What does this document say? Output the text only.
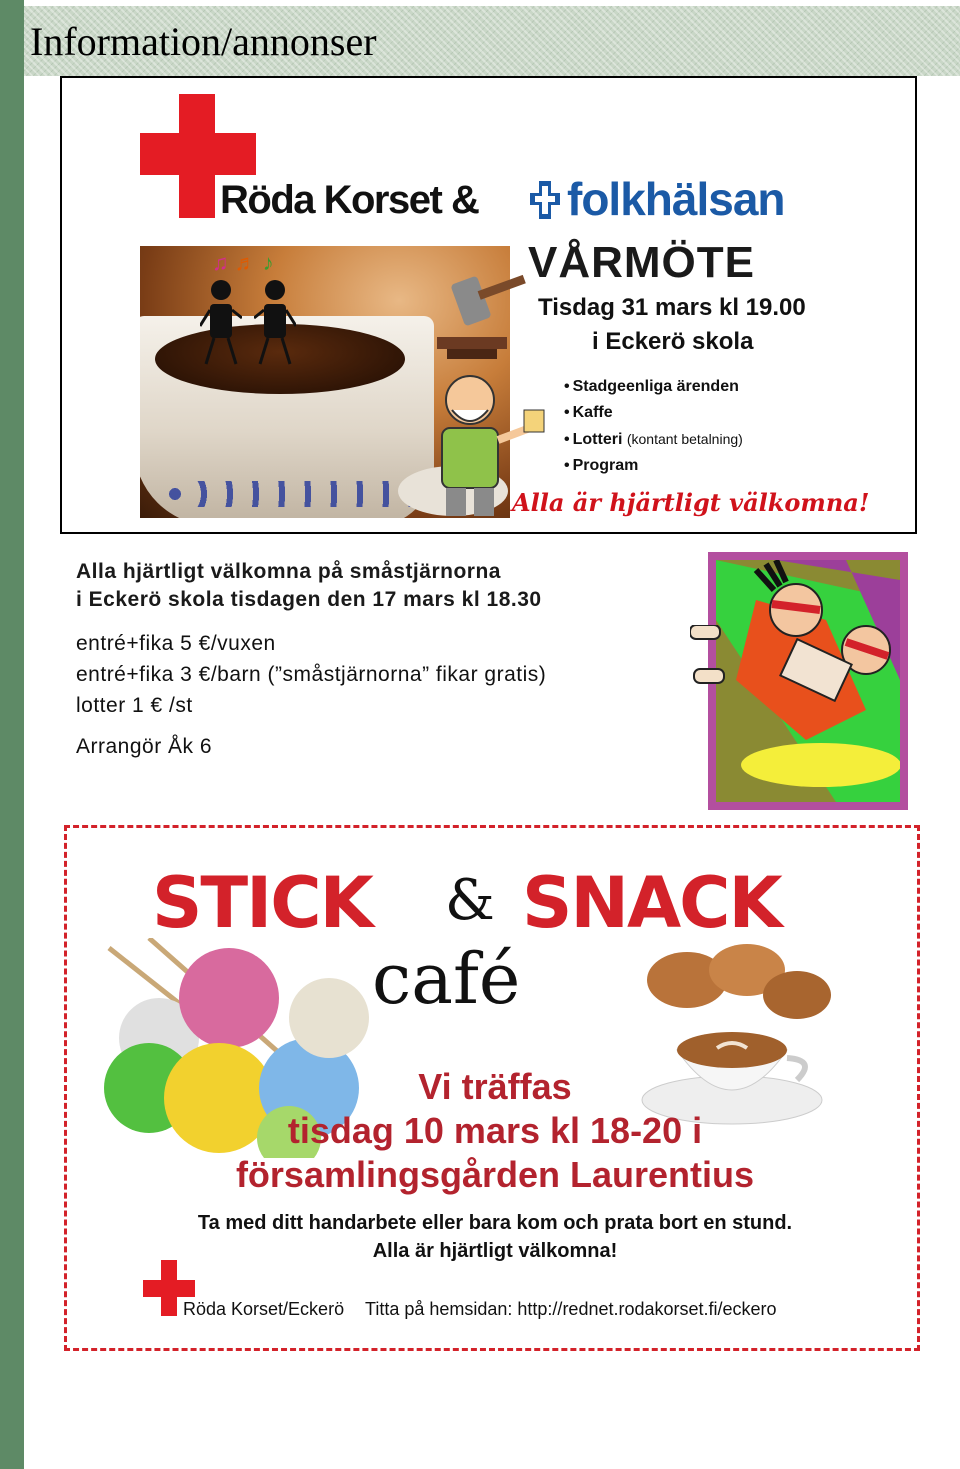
Information/annonser
Röda Korset & folkhälsan
♫ ♬ ♪	VÅRMÖTE
Tisdag 31 mars kl 19.00
i Eckerö skola
• Stadgeenliga ärenden
• Kaffe
• Lotteri (kontant betalning)
• Program
Alla är hjärtligt välkomna!
Alla hjärtligt välkomna på småstjärnorna
i Eckerö skola tisdagen den 17 mars kl 18.30
entré+fika 5 €/vuxen
entré+fika 3 €/barn (”småstjärnorna” fikar gratis)
lotter 1 € /st
Arrangör Åk 6
STICK & SNACK
café
Vi träffas
tisdag 10 mars kl 18-20 i
församlingsgården Laurentius
Ta med ditt handarbete eller bara kom och prata bort en stund.
Alla är hjärtligt välkomna!
Röda Korset/Eckerö Titta på hemsidan: http://rednet.rodakorset.fi/eckero
